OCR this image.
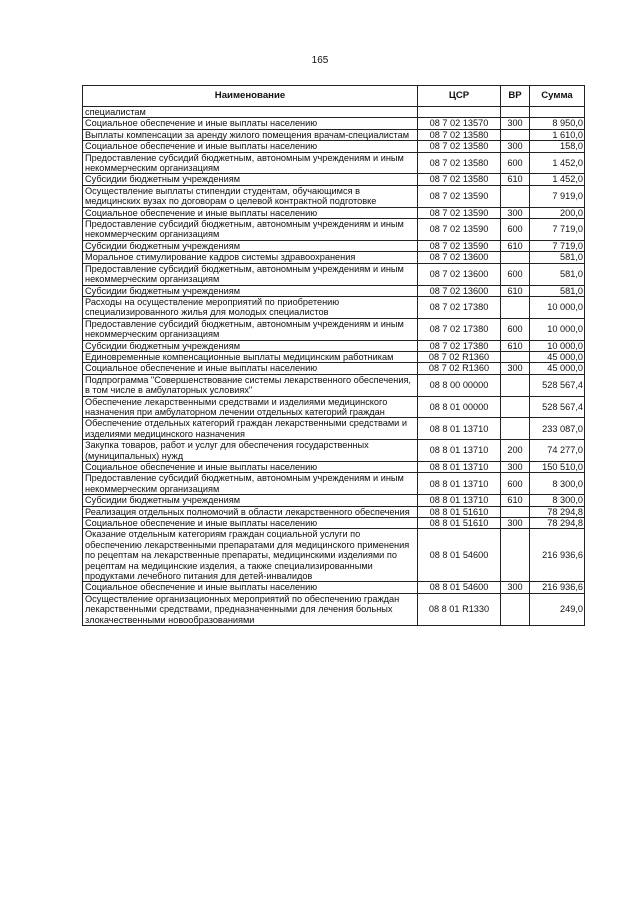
165
Наименование	ЦСР	ВР	Сумма
специалистам			
Социальное обеспечение и иные выплаты населению	08 7 02 13570	300	8 950,0
Выплаты компенсации за аренду жилого помещения врачам-специалистам	08 7 02 13580		1 610,0
Социальное обеспечение и иные выплаты населению	08 7 02 13580	300	158,0
Предоставление субсидий бюджетным, автономным учреждениям и иным некоммерческим организациям	08 7 02 13580	600	1 452,0
Субсидии бюджетным учреждениям	08 7 02 13580	610	1 452,0
Осуществление выплаты стипендии студентам, обучающимся в медицинских вузах по договорам о целевой контрактной подготовке	08 7 02 13590		7 919,0
Социальное обеспечение и иные выплаты населению	08 7 02 13590	300	200,0
Предоставление субсидий бюджетным, автономным учреждениям и иным некоммерческим организациям	08 7 02 13590	600	7 719,0
Субсидии бюджетным учреждениям	08 7 02 13590	610	7 719,0
Моральное стимулирование кадров системы здравоохранения	08 7 02 13600		581,0
Предоставление субсидий бюджетным, автономным учреждениям и иным некоммерческим организациям	08 7 02 13600	600	581,0
Субсидии бюджетным учреждениям	08 7 02 13600	610	581,0
Расходы на осуществление мероприятий по приобретению специализированного жилья для молодых специалистов	08 7 02 17380		10 000,0
Предоставление субсидий бюджетным, автономным учреждениям и иным некоммерческим организациям	08 7 02 17380	600	10 000,0
Субсидии бюджетным учреждениям	08 7 02 17380	610	10 000,0
Единовременные компенсационные выплаты медицинским работникам	08 7 02 R1360		45 000,0
Социальное обеспечение и иные выплаты населению	08 7 02 R1360	300	45 000,0
Подпрограмма "Совершенствование системы лекарственного обеспечения, в том числе в амбулаторных условиях"	08 8 00 00000		528 567,4
Обеспечение лекарственными средствами и изделиями медицинского назначения при амбулаторном лечении отдельных категорий граждан	08 8 01 00000		528 567,4
Обеспечение отдельных категорий граждан лекарственными средствами и изделиями медицинского назначения	08 8 01 13710		233 087,0
Закупка товаров, работ и услуг для обеспечения государственных (муниципальных) нужд	08 8 01 13710	200	74 277,0
Социальное обеспечение и иные выплаты населению	08 8 01 13710	300	150 510,0
Предоставление субсидий бюджетным, автономным учреждениям и иным некоммерческим организациям	08 8 01 13710	600	8 300,0
Субсидии бюджетным учреждениям	08 8 01 13710	610	8 300,0
Реализация отдельных полномочий в области лекарственного обеспечения	08 8 01 51610		78 294,8
Социальное обеспечение и иные выплаты населению	08 8 01 51610	300	78 294,8
Оказание отдельным категориям граждан социальной услуги по обеспечению лекарственными препаратами для медицинского применения по рецептам на лекарственные препараты, медицинскими изделиями по рецептам на медицинские изделия, а также специализированными продуктами лечебного питания для детей-инвалидов	08 8 01 54600		216 936,6
Социальное обеспечение и иные выплаты населению	08 8 01 54600	300	216 936,6
Осуществление организационных мероприятий по обеспечению граждан лекарственными средствами, предназначенными для лечения больных злокачественными новообразованиями	08 8 01 R1330		249,0
